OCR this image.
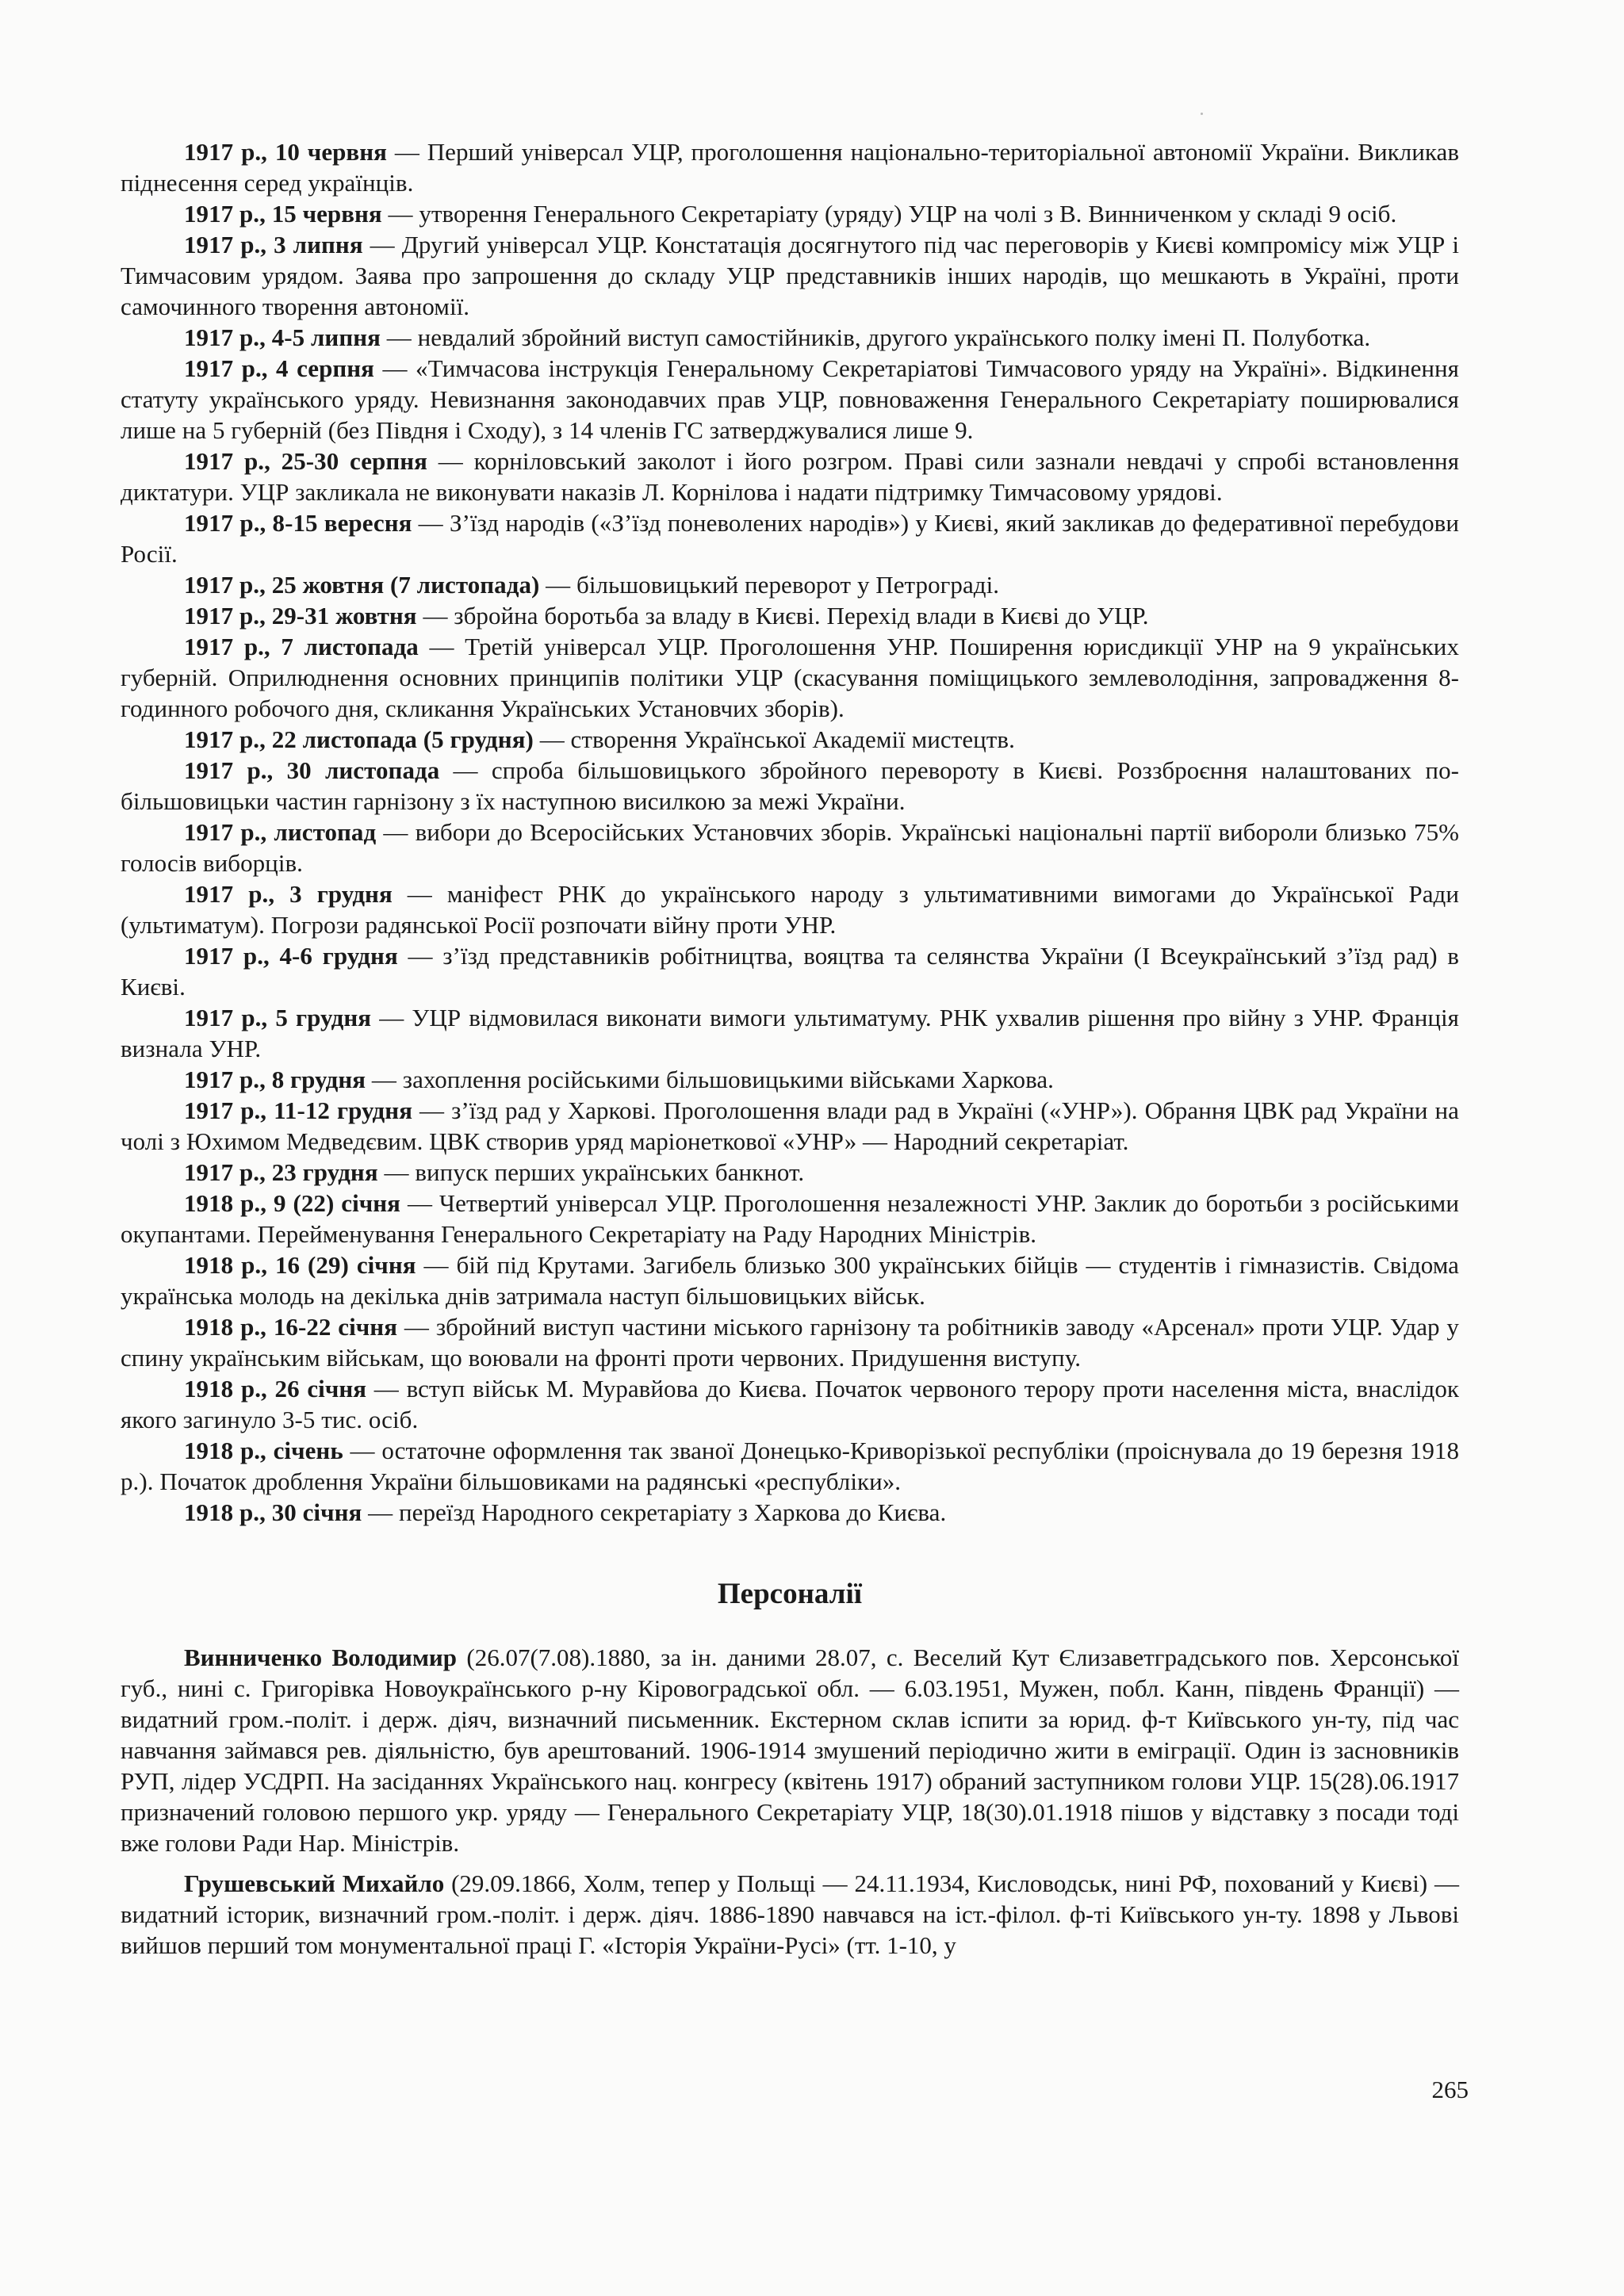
1917 р., 10 червня — Перший універсал УЦР, проголошення національно-територіальної автономії України. Викликав піднесення серед українців.

1917 р., 15 червня — утворення Генерального Секретаріату (уряду) УЦР на чолі з В. Винниченком у складі 9 осіб.

1917 р., 3 липня — Другий універсал УЦР. Констатація досягнутого під час переговорів у Києві компромісу між УЦР і Тимчасовим урядом. Заява про запрошення до складу УЦР представників інших народів, що мешкають в Україні, проти самочинного творення автономії.

1917 р., 4-5 липня — невдалий збройний виступ самостійників, другого українського полку імені П. Полуботка.

1917 р., 4 серпня — «Тимчасова інструкція Генеральному Секретаріатові Тимчасового уряду на Україні». Відкинення статуту українського уряду. Невизнання законодавчих прав УЦР, повноваження Генерального Секретаріату поширювалися лише на 5 губерній (без Півдня і Сходу), з 14 членів ГС затверджувалися лише 9.

1917 р., 25-30 серпня — корніловський заколот і його розгром. Праві сили зазнали невдачі у спробі встановлення диктатури. УЦР закликала не виконувати наказів Л. Корнілова і надати підтримку Тимчасовому урядові.

1917 р., 8-15 вересня — З’їзд народів («З’їзд поневолених народів») у Києві, який закликав до федеративної перебудови Росії.

1917 р., 25 жовтня (7 листопада) — більшовицький переворот у Петрограді.

1917 р., 29-31 жовтня — збройна боротьба за владу в Києві. Перехід влади в Києві до УЦР.

1917 р., 7 листопада — Третій універсал УЦР. Проголошення УНР. Поширення юрисдикції УНР на 9 українських губерній. Оприлюднення основних принципів політики УЦР (скасування поміщицького землеволодіння, запровадження 8-годинного робочого дня, скликання Українських Установчих зборів).

1917 р., 22 листопада (5 грудня) — створення Української Академії мистецтв.

1917 р., 30 листопада — спроба більшовицького збройного перевороту в Києві. Роззброєння налаштованих по-більшовицьки частин гарнізону з їх наступною висилкою за межі України.

1917 р., листопад — вибори до Всеросійських Установчих зборів. Українські національні партії вибороли близько 75% голосів виборців.

1917 р., 3 грудня — маніфест РНК до українського народу з ультимативними вимогами до Української Ради (ультиматум). Погрози радянської Росії розпочати війну проти УНР.

1917 р., 4-6 грудня — з’їзд представників робітництва, вояцтва та селянства України (І Всеукраїнський з’їзд рад) в Києві.

1917 р., 5 грудня — УЦР відмовилася виконати вимоги ультиматуму. РНК ухвалив рішення про війну з УНР. Франція визнала УНР.

1917 р., 8 грудня — захоплення російськими більшовицькими військами Харкова.

1917 р., 11-12 грудня — з’їзд рад у Харкові. Проголошення влади рад в Україні («УНР»). Обрання ЦВК рад України на чолі з Юхимом Медведєвим. ЦВК створив уряд маріонеткової «УНР» — Народний секретаріат.

1917 р., 23 грудня — випуск перших українських банкнот.

1918 р., 9 (22) січня — Четвертий універсал УЦР. Проголошення незалежності УНР. Заклик до боротьби з російськими окупантами. Перейменування Генерального Секретаріату на Раду Народних Міністрів.

1918 р., 16 (29) січня — бій під Крутами. Загибель близько 300 українських бійців — студентів і гімназистів. Свідома українська молодь на декілька днів затримала наступ більшовицьких військ.

1918 р., 16-22 січня — збройний виступ частини міського гарнізону та робітників заводу «Арсенал» проти УЦР. Удар у спину українським військам, що воювали на фронті проти червоних. Придушення виступу.

1918 р., 26 січня — вступ військ М. Муравйова до Києва. Початок червоного терору проти населення міста, внаслідок якого загинуло 3-5 тис. осіб.

1918 р., січень — остаточне оформлення так званої Донецько-Криворізької республіки (проіснувала до 19 березня 1918 р.). Початок дроблення України більшовиками на радянські «республіки».

1918 р., 30 січня — переїзд Народного секретаріату з Харкова до Києва.

Персоналії

Винниченко Володимир (26.07(7.08).1880, за ін. даними 28.07, с. Веселий Кут Єлизаветградського пов. Херсонської губ., нині с. Григорівка Новоукраїнського р-ну Кіровоградської обл. — 6.03.1951, Мужен, побл. Канн, південь Франції) — видатний гром.-політ. і держ. діяч, визначний письменник. Екстерном склав іспити за юрид. ф-т Київського ун-ту, під час навчання займався рев. діяльністю, був арештований. 1906-1914 змушений періодично жити в еміграції. Один із засновників РУП, лідер УСДРП. На засіданнях Українського нац. конгресу (квітень 1917) обраний заступником голови УЦР. 15(28).06.1917 призначений головою першого укр. уряду — Генерального Секретаріату УЦР, 18(30).01.1918 пішов у відставку з посади тоді вже голови Ради Нар. Міністрів.

Грушевський Михайло (29.09.1866, Холм, тепер у Польщі — 24.11.1934, Кисловодськ, нині РФ, похований у Києві) — видатний історик, визначний гром.-політ. і держ. діяч. 1886-1890 навчався на іст.-філол. ф-ті Київського ун-ту. 1898 у Львові вийшов перший том монументальної праці Г. «Історія України-Русі» (тт. 1-10, у

265
